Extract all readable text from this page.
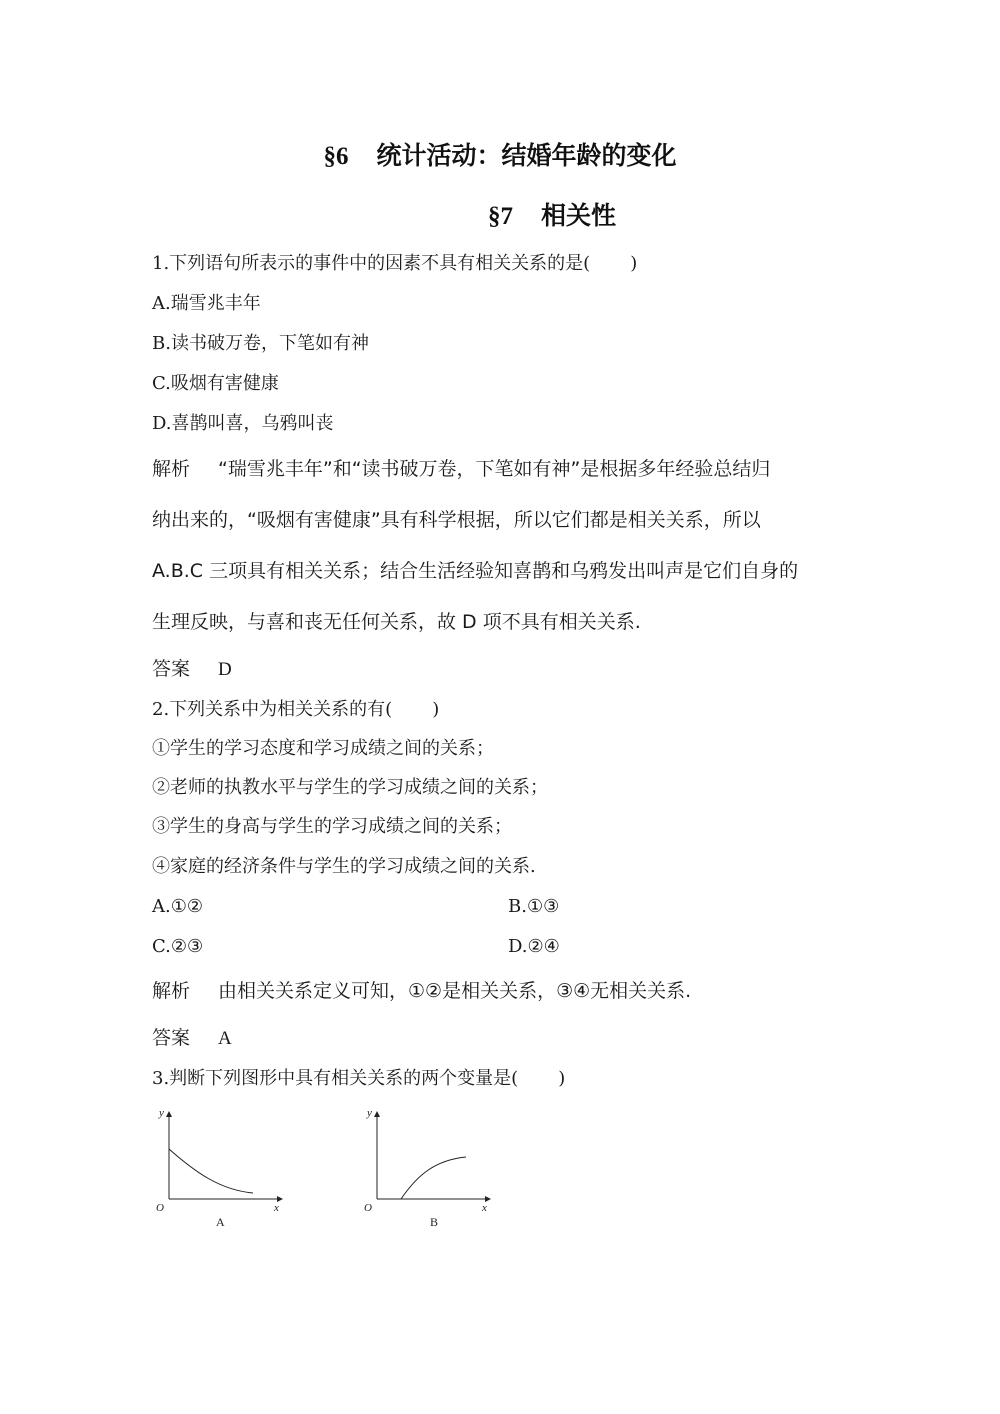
§6 统计活动：结婚年龄的变化
§7 相关性
1.下列语句所表示的事件中的因素不具有相关关系的是( )
A.瑞雪兆丰年
B.读书破万卷，下笔如有神
C.吸烟有害健康
D.喜鹊叫喜，乌鸦叫丧
解析 “瑞雪兆丰年”和“读书破万卷，下笔如有神”是根据多年经验总结归
纳出来的，“吸烟有害健康”具有科学根据，所以它们都是相关关系，所以
A.B.C 三项具有相关关系；结合生活经验知喜鹊和乌鸦发出叫声是它们自身的
生理反映，与喜和丧无任何关系，故 D 项不具有相关关系.
答案 D
2.下列关系中为相关关系的有( )
①学生的学习态度和学习成绩之间的关系；
②老师的执教水平与学生的学习成绩之间的关系；
③学生的身高与学生的学习成绩之间的关系；
④家庭的经济条件与学生的学习成绩之间的关系.
A.①②	B.①③
C.②③	D.②④
解析 由相关关系定义可知，①②是相关关系，③④无相关关系.
答案 A
3.判断下列图形中具有相关关系的两个变量是( )
y
O	x
A
y
O	x
B
